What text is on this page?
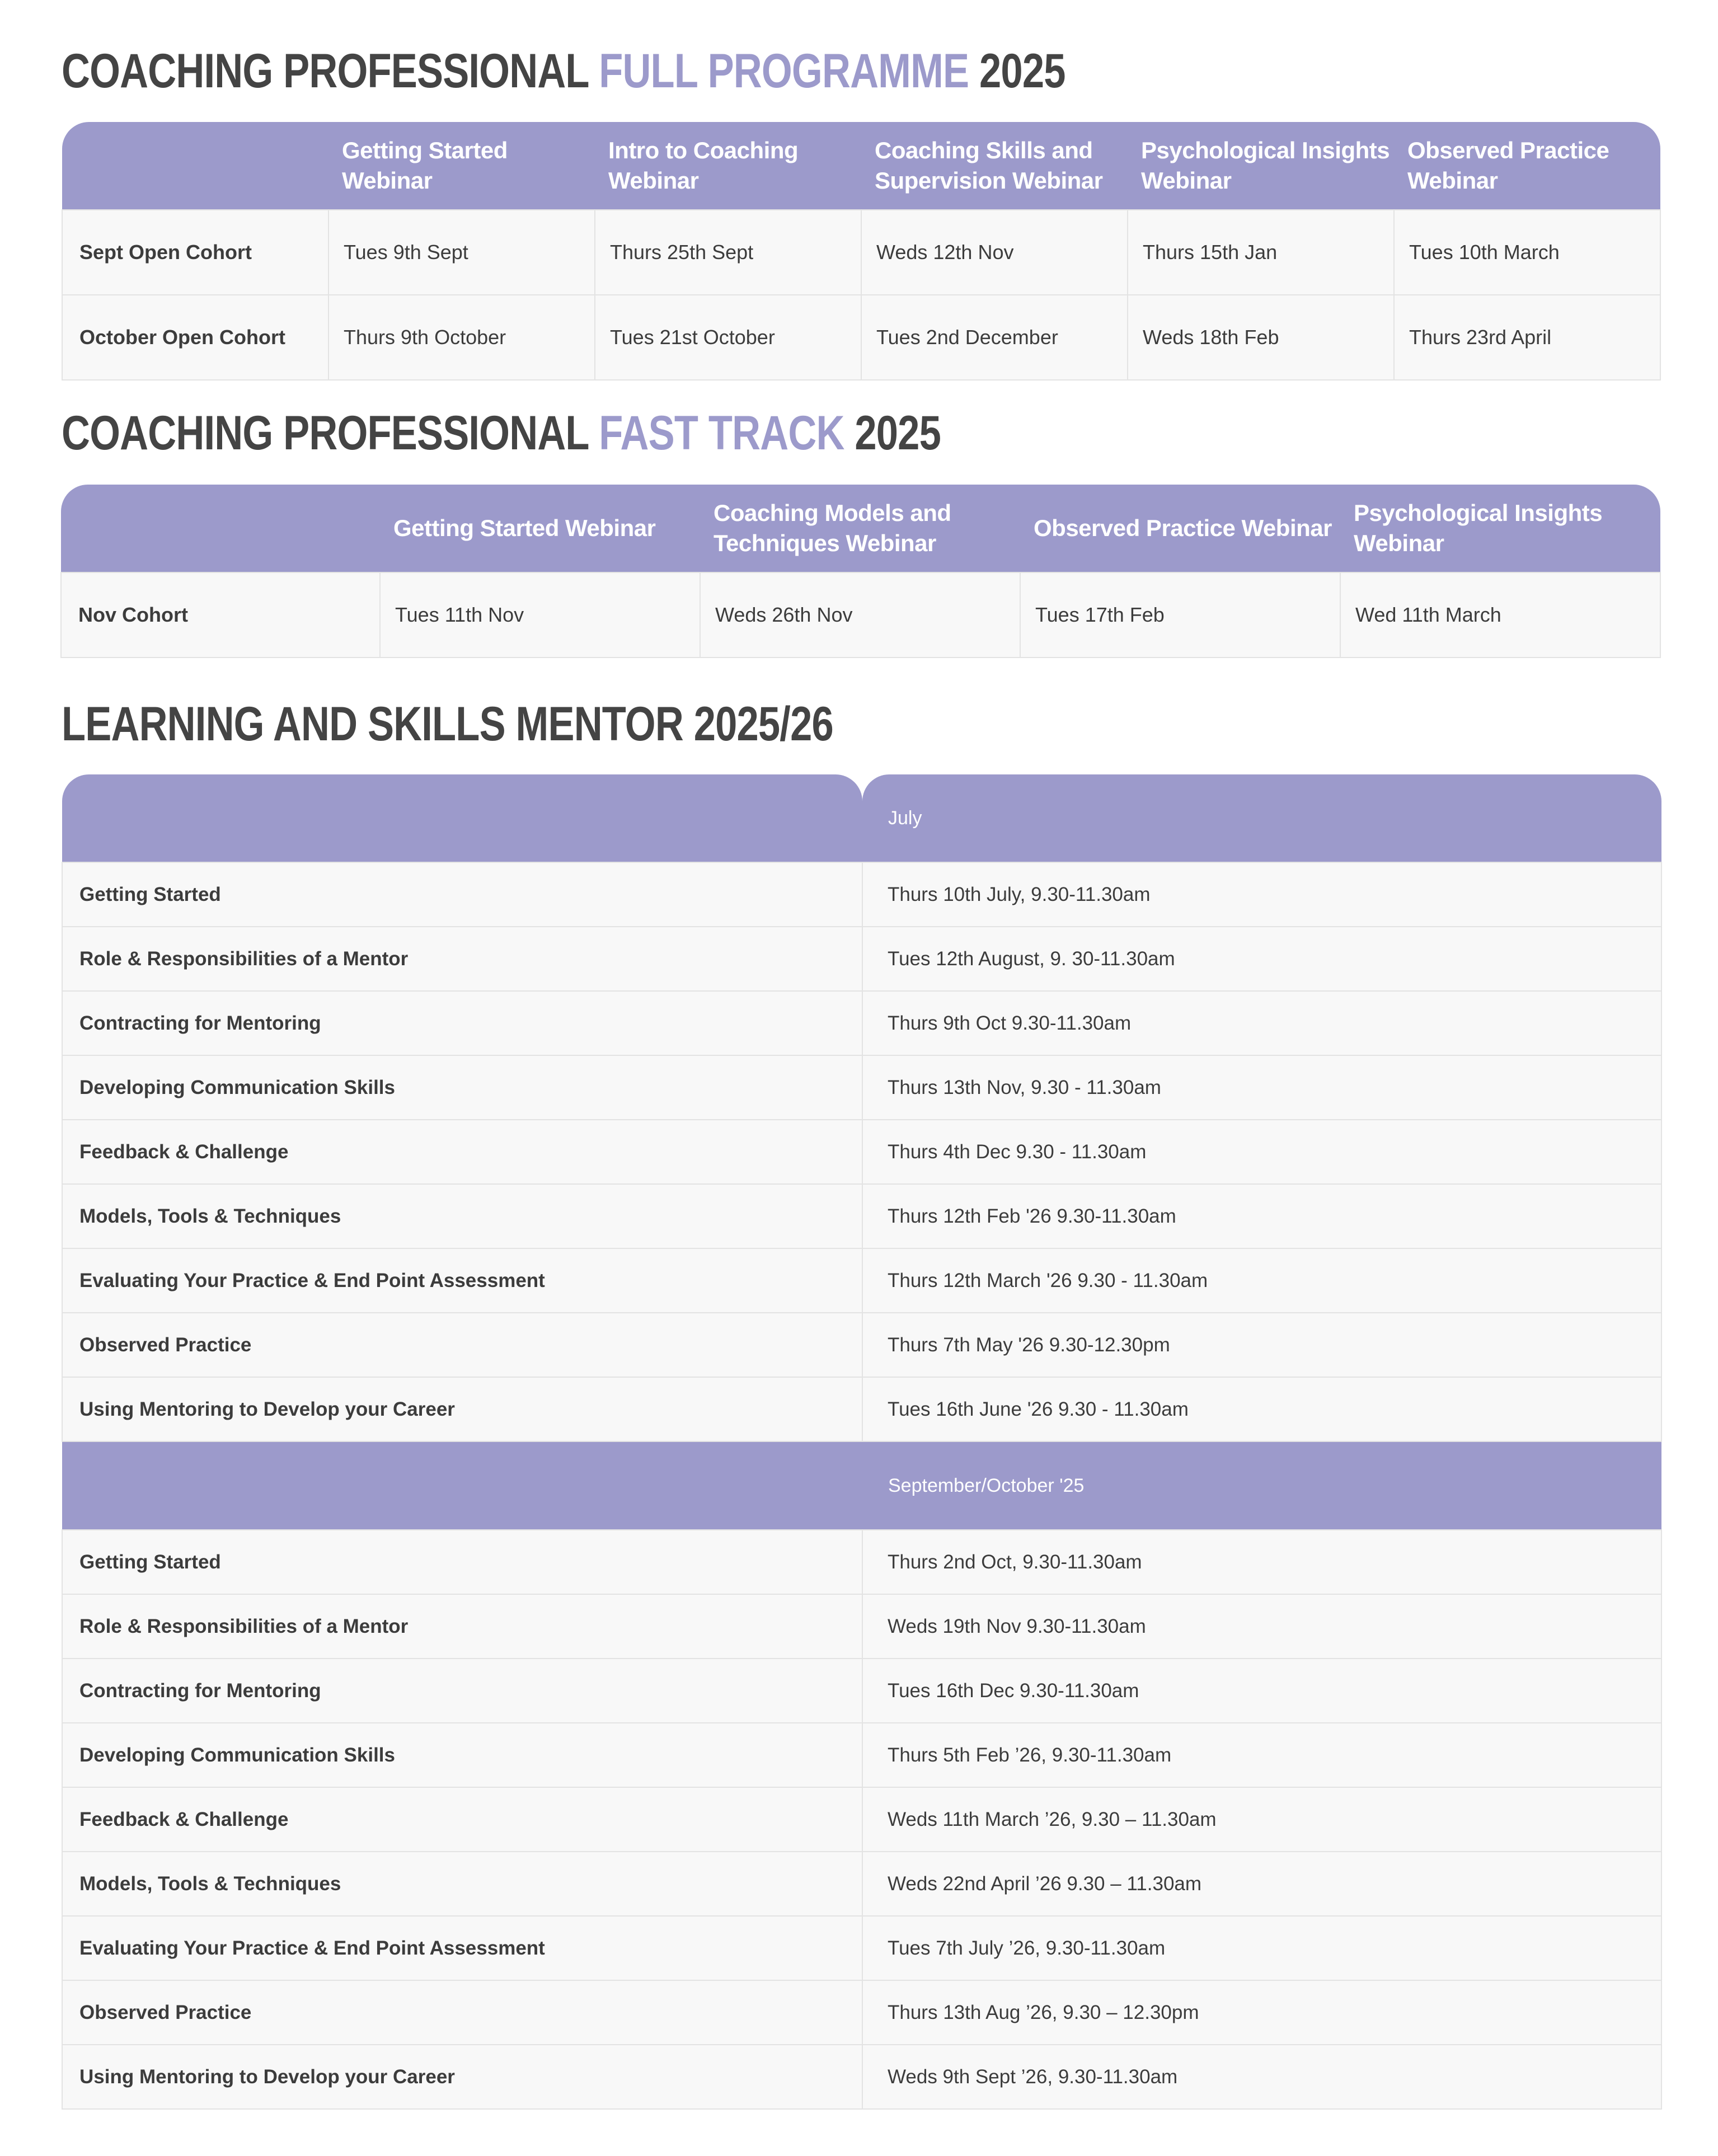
COACHING PROFESSIONAL FULL PROGRAMME 2025
	Getting Started Webinar	Intro to Coaching Webinar	Coaching Skills and Supervision Webinar	Psychological Insights Webinar	Observed Practice Webinar
Sept Open Cohort	Tues 9th Sept	Thurs 25th Sept	Weds 12th Nov	Thurs 15th Jan	Tues 10th March
October Open Cohort	Thurs 9th October	Tues 21st October	Tues 2nd December	Weds 18th Feb	Thurs 23rd April
COACHING PROFESSIONAL FAST TRACK 2025
	Getting Started Webinar	Coaching Models and Techniques Webinar	Observed Practice Webinar	Psychological Insights Webinar
Nov Cohort	Tues 11th Nov	Weds 26th Nov	Tues 17th Feb	Wed 11th March
LEARNING AND SKILLS MENTOR 2025/26
	July
Getting Started	Thurs 10th July, 9.30-11.30am
Role & Responsibilities of a Mentor	Tues 12th August, 9. 30-11.30am
Contracting for Mentoring	Thurs 9th Oct 9.30-11.30am
Developing Communication Skills	Thurs 13th Nov, 9.30 - 11.30am
Feedback & Challenge	Thurs 4th Dec 9.30 - 11.30am
Models, Tools & Techniques	Thurs 12th Feb '26 9.30-11.30am
Evaluating Your Practice & End Point Assessment	Thurs 12th March '26 9.30 - 11.30am
Observed Practice	Thurs 7th May '26 9.30-12.30pm
Using Mentoring to Develop your Career	Tues 16th June '26 9.30 - 11.30am
	September/October '25
Getting Started	Thurs 2nd Oct, 9.30-11.30am
Role & Responsibilities of a Mentor	Weds 19th Nov 9.30-11.30am
Contracting for Mentoring	Tues 16th Dec 9.30-11.30am
Developing Communication Skills	Thurs 5th Feb ’26, 9.30-11.30am
Feedback & Challenge	Weds 11th March ’26, 9.30 – 11.30am
Models, Tools & Techniques	Weds 22nd April ’26 9.30 – 11.30am
Evaluating Your Practice & End Point Assessment	Tues 7th July ’26, 9.30-11.30am
Observed Practice	Thurs 13th Aug ’26, 9.30 – 12.30pm
Using Mentoring to Develop your Career	Weds 9th Sept ’26, 9.30-11.30am
